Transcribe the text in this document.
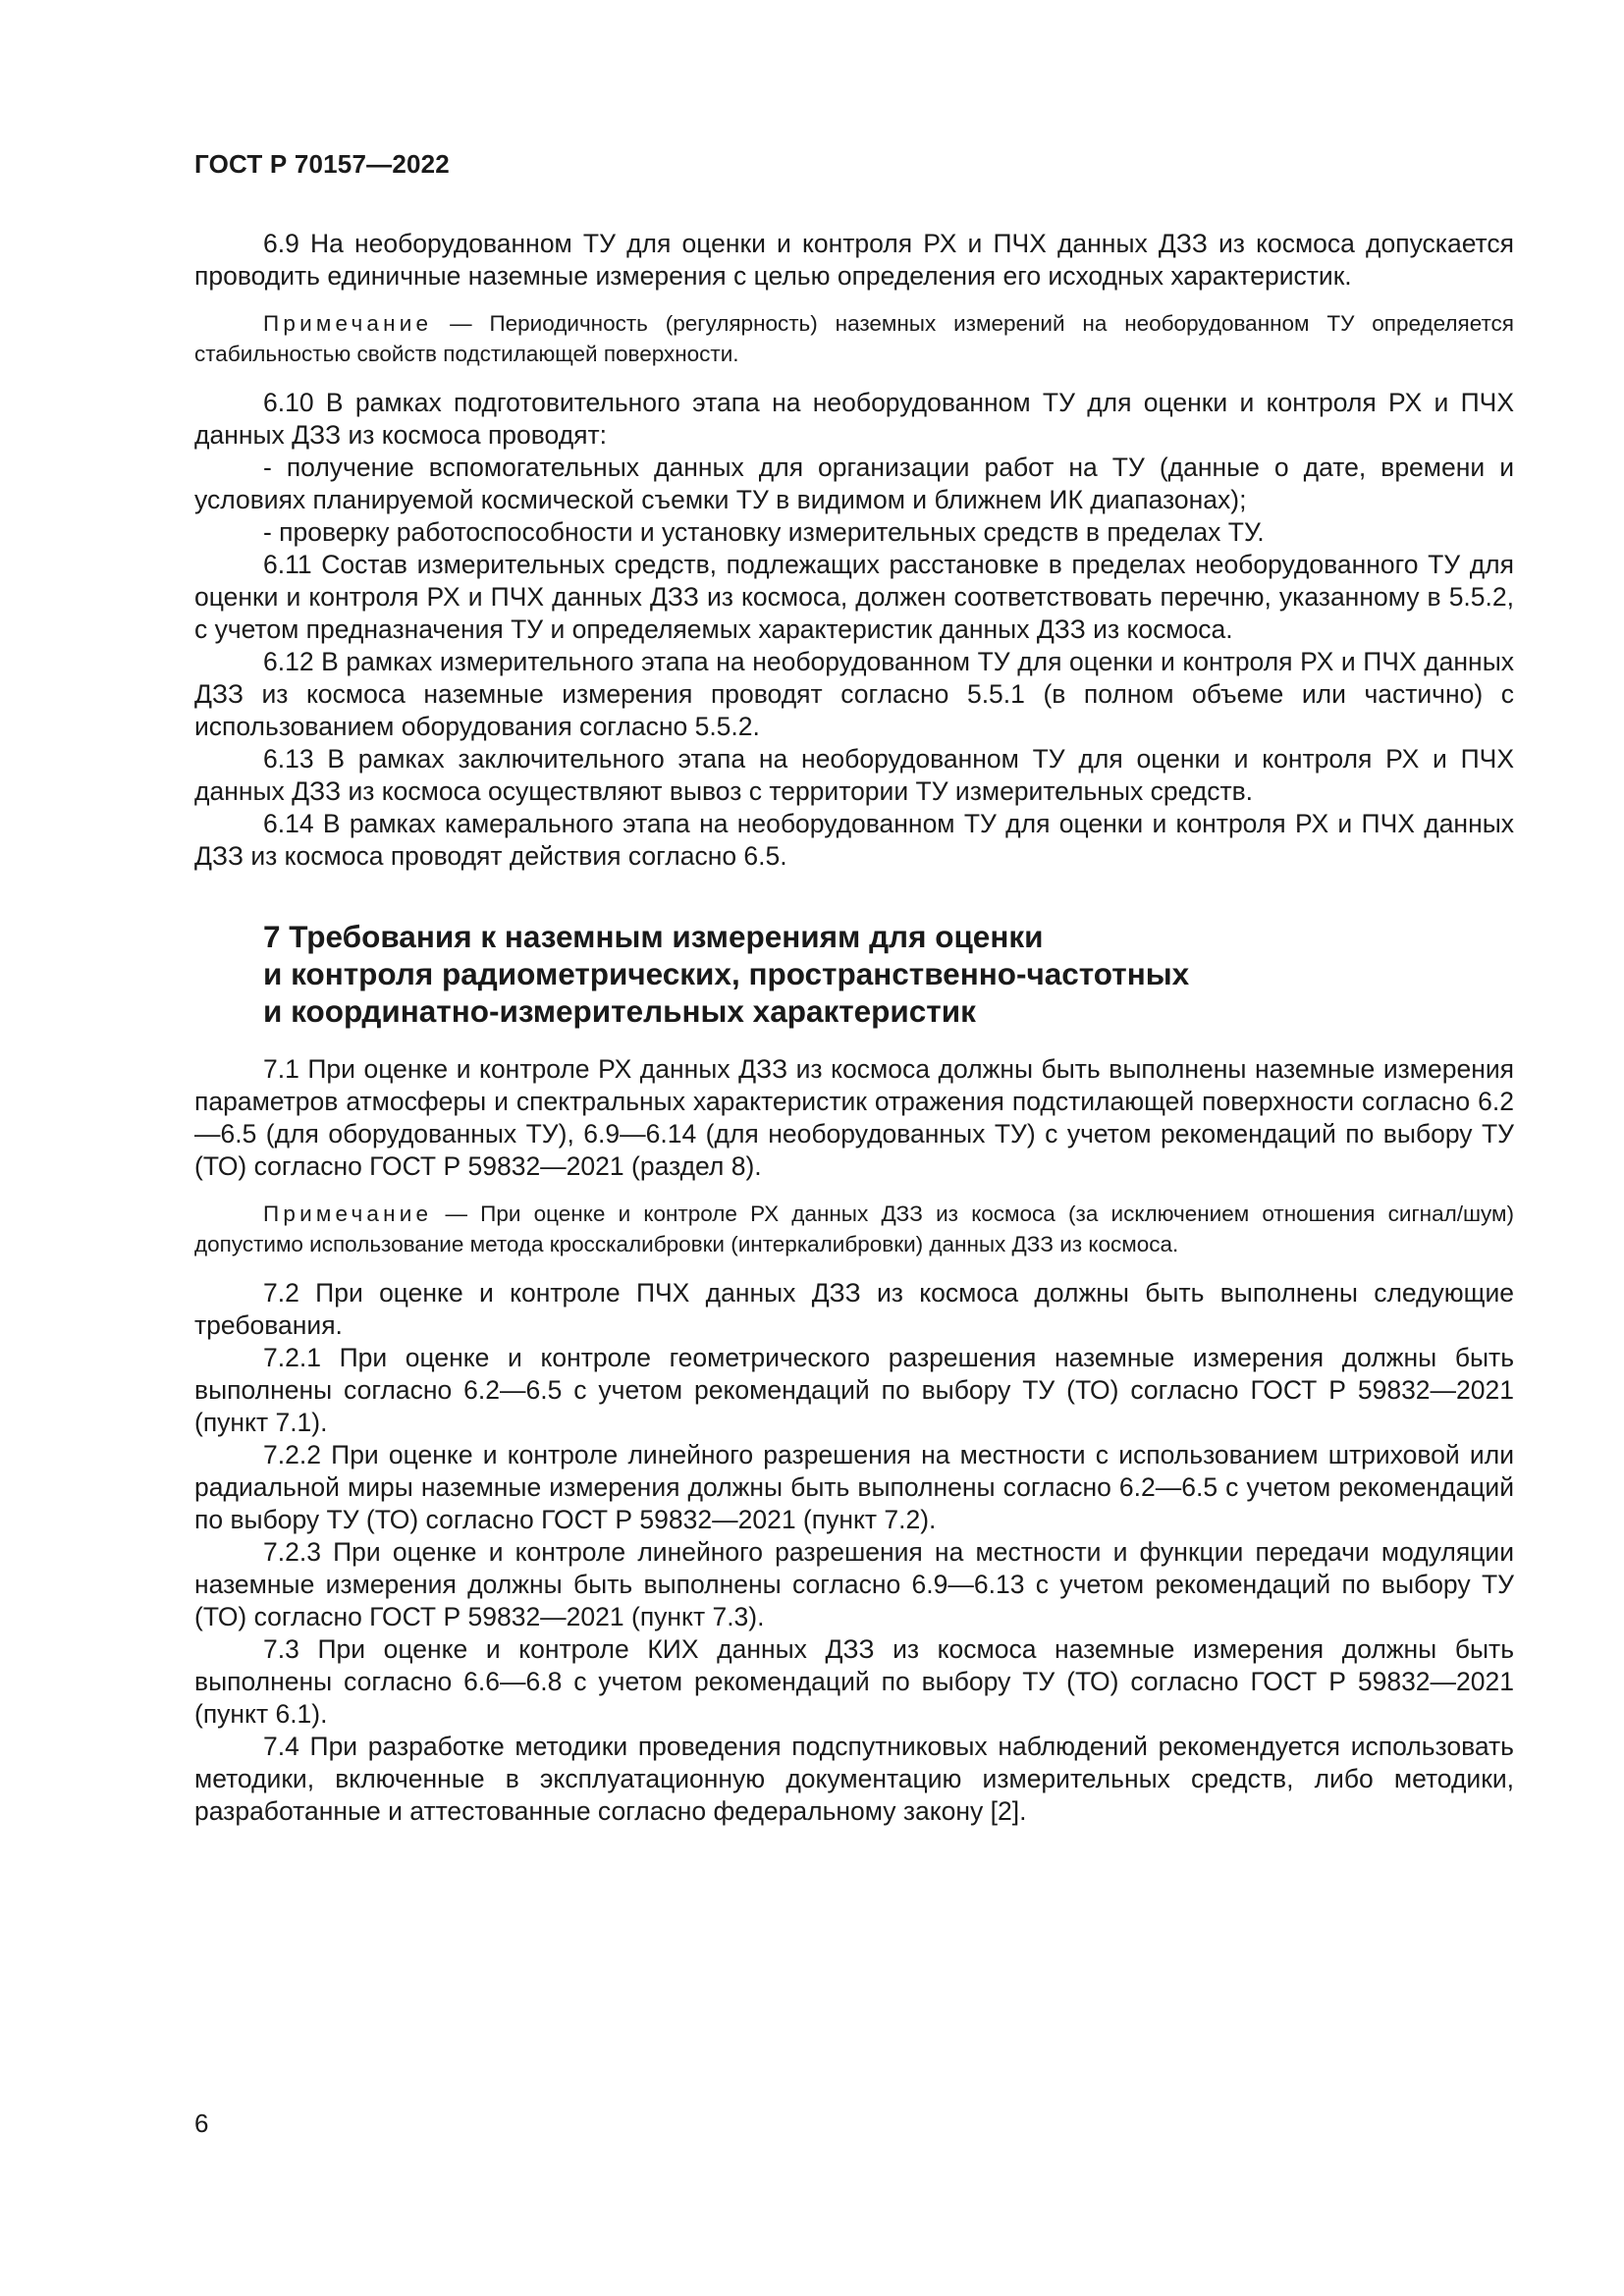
ГОСТ Р 70157—2022

6.9 На необорудованном ТУ для оценки и контроля РХ и ПЧХ данных ДЗЗ из космоса допускается проводить единичные наземные измерения с целью определения его исходных характеристик.

Примечание — Периодичность (регулярность) наземных измерений на необорудованном ТУ определяется стабильностью свойств подстилающей поверхности.

6.10 В рамках подготовительного этапа на необорудованном ТУ для оценки и контроля РХ и ПЧХ данных ДЗЗ из космоса проводят:

- получение вспомогательных данных для организации работ на ТУ (данные о дате, времени и условиях планируемой космической съемки ТУ в видимом и ближнем ИК диапазонах);

- проверку работоспособности и установку измерительных средств в пределах ТУ.

6.11 Состав измерительных средств, подлежащих расстановке в пределах необорудованного ТУ для оценки и контроля РХ и ПЧХ данных ДЗЗ из космоса, должен соответствовать перечню, указанному в 5.5.2, с учетом предназначения ТУ и определяемых характеристик данных ДЗЗ из космоса.

6.12 В рамках измерительного этапа на необорудованном ТУ для оценки и контроля РХ и ПЧХ данных ДЗЗ из космоса наземные измерения проводят согласно 5.5.1 (в полном объеме или частично) с использованием оборудования согласно 5.5.2.

6.13 В рамках заключительного этапа на необорудованном ТУ для оценки и контроля РХ и ПЧХ данных ДЗЗ из космоса осуществляют вывоз с территории ТУ измерительных средств.

6.14 В рамках камерального этапа на необорудованном ТУ для оценки и контроля РХ и ПЧХ данных ДЗЗ из космоса проводят действия согласно 6.5.

7 Требования к наземным измерениям для оценки
и контроля радиометрических, пространственно-частотных
и координатно-измерительных характеристик

7.1 При оценке и контроле РХ данных ДЗЗ из космоса должны быть выполнены наземные измерения параметров атмосферы и спектральных характеристик отражения подстилающей поверхности согласно 6.2—6.5 (для оборудованных ТУ), 6.9—6.14 (для необорудованных ТУ) с учетом рекомендаций по выбору ТУ (ТО) согласно ГОСТ Р 59832—2021 (раздел 8).

Примечание — При оценке и контроле РХ данных ДЗЗ из космоса (за исключением отношения сигнал/шум) допустимо использование метода кросскалибровки (интеркалибровки) данных ДЗЗ из космоса.

7.2 При оценке и контроле ПЧХ данных ДЗЗ из космоса должны быть выполнены следующие требования.

7.2.1 При оценке и контроле геометрического разрешения наземные измерения должны быть выполнены согласно 6.2—6.5 с учетом рекомендаций по выбору ТУ (ТО) согласно ГОСТ Р 59832—2021 (пункт 7.1).

7.2.2 При оценке и контроле линейного разрешения на местности с использованием штриховой или радиальной миры наземные измерения должны быть выполнены согласно 6.2—6.5 с учетом рекомендаций по выбору ТУ (ТО) согласно ГОСТ Р 59832—2021 (пункт 7.2).

7.2.3 При оценке и контроле линейного разрешения на местности и функции передачи модуляции наземные измерения должны быть выполнены согласно 6.9—6.13 с учетом рекомендаций по выбору ТУ (ТО) согласно ГОСТ Р 59832—2021 (пункт 7.3).

7.3 При оценке и контроле КИХ данных ДЗЗ из космоса наземные измерения должны быть выполнены согласно 6.6—6.8 с учетом рекомендаций по выбору ТУ (ТО) согласно ГОСТ Р 59832—2021 (пункт 6.1).

7.4 При разработке методики проведения подспутниковых наблюдений рекомендуется использовать методики, включенные в эксплуатационную документацию измерительных средств, либо методики, разработанные и аттестованные согласно федеральному закону [2].

6
